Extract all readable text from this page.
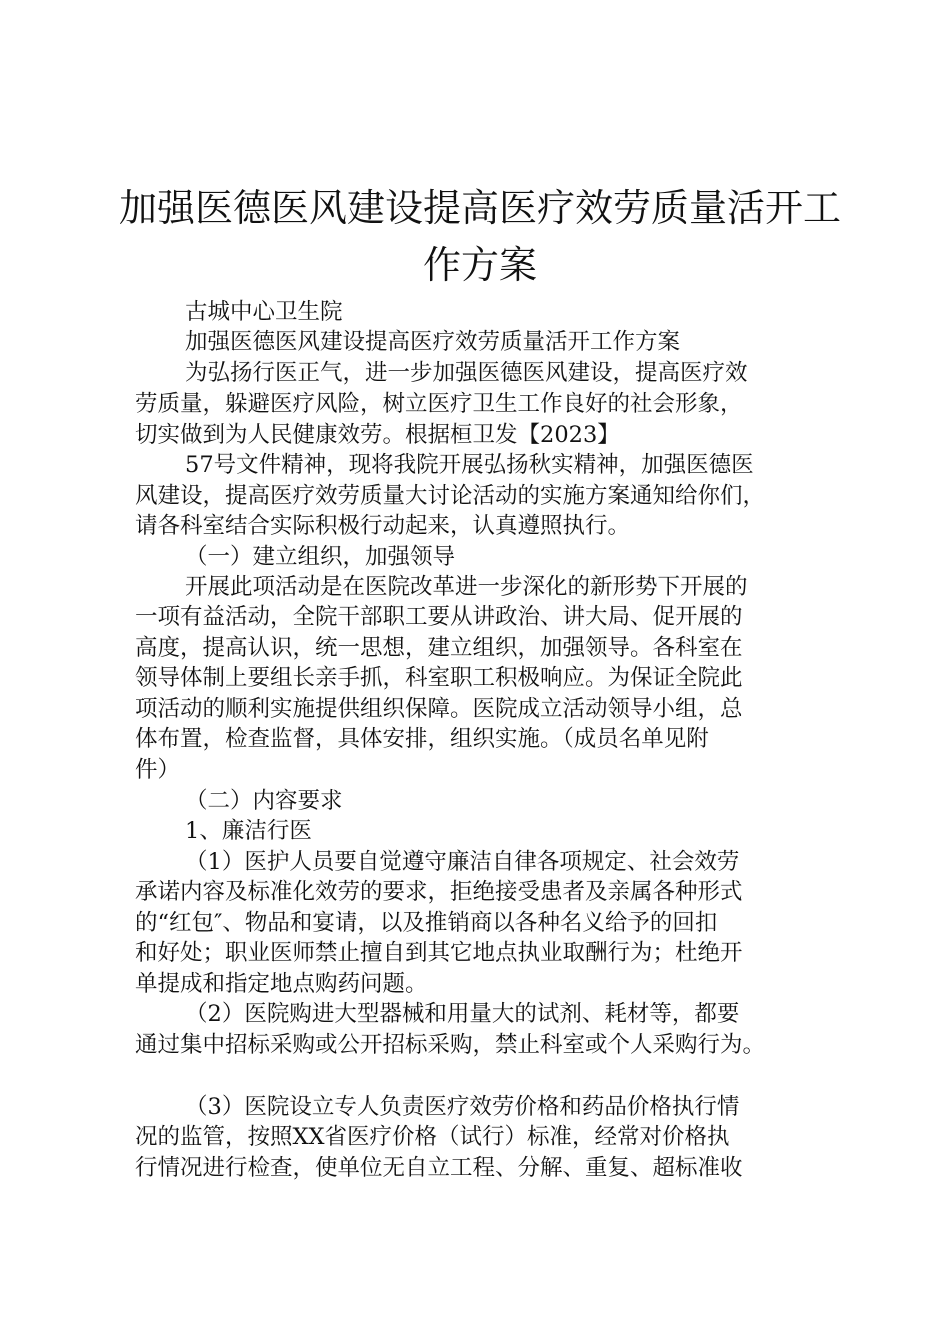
加强医德医风建设提高医疗效劳质量活开工
作方案

古城中心卫生院

加强医德医风建设提高医疗效劳质量活开工作方案

为弘扬行医正气，进一步加强医德医风建设，提高医疗效

劳质量，躲避医疗风险，树立医疗卫生工作良好的社会形象，

切实做到为人民健康效劳。根据桓卫发【2023】

57号文件精神，现将我院开展弘扬秋实精神，加强医德医

风建设，提高医疗效劳质量大讨论活动的实施方案通知给你们，

请各科室结合实际积极行动起来，认真遵照执行。

（一）建立组织，加强领导

开展此项活动是在医院改革进一步深化的新形势下开展的

一项有益活动，全院干部职工要从讲政治、讲大局、促开展的

高度，提高认识，统一思想，建立组织，加强领导。各科室在

领导体制上要组长亲手抓，科室职工积极响应。为保证全院此

项活动的顺利实施提供组织保障。医院成立活动领导小组，总

体布置，检查监督，具体安排，组织实施。（成员名单见附

件）

（二）内容要求

1、廉洁行医

（1）医护人员要自觉遵守廉洁自律各项规定、社会效劳

承诺内容及标准化效劳的要求，拒绝接受患者及亲属各种形式

的“红包″、物品和宴请，以及推销商以各种名义给予的回扣

和好处；职业医师禁止擅自到其它地点执业取酬行为；杜绝开

单提成和指定地点购药问题。

（2）医院购进大型器械和用量大的试剂、耗材等，都要

通过集中招标采购或公开招标采购，禁止科室或个人采购行为。

（3）医院设立专人负责医疗效劳价格和药品价格执行情

况的监管，按照XX省医疗价格（试行）标准，经常对价格执

行情况进行检查，使单位无自立工程、分解、重复、超标准收
